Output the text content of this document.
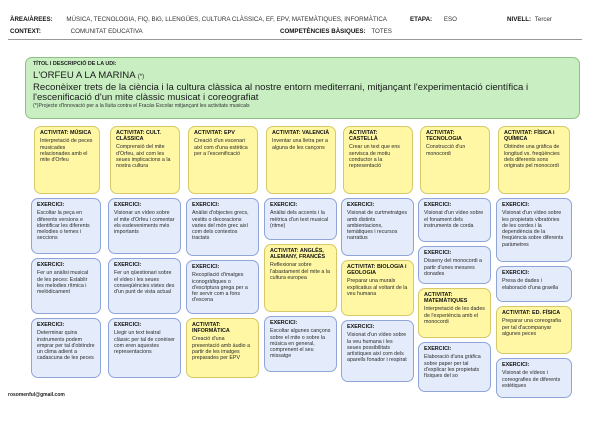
ÀREA/ÀREES: MÚSICA, TECNOLOGIA, FIQ, BiG, LLENGÜES, CULTURA CLÀSSICA, EF, EPV, MATEMÀTIQUES, INFORMÀTICA	ETAPA: ESO	NIVELL: Tercer
CONTEXT:	COMUNITAT EDUCATIVA	COMPETÈNCIES BÀSIQUES: TOTES
TÍTOL I DESCRIPCIÓ DE LA UDI:
L'ORFEU A LA MARINA (*)
Reconèixer trets de la ciència i la cultura clàssica al nostre entorn mediterrani, mitjançant l'experimentació científica i l'escenificació d'un mite clàssic musicat i coreografiat
(*)Projecte d'Innovació per a la lluita contra el Fracàs Escolar mitjançant les activitats musicals
ACTIVITAT: MÚSICA
Interpretació de peces musicades relacionades amb el mite d'Orfeu
EXERCICI:
Escoltar la peça en diferents versions e identificar les diferents melodies o temes i seccions
EXERCICI:
Fer un anàlisi musical de les peces: Establir les melodies rítmica i melòdicament
EXERCICI:
Determinar quins instruments podem emprar per tal d'obtindre un clima adient a cadascuna de les peces
ACTIVITAT: CULT. CLÀSSICA
Comprensió del mite d'Orfeu, així com les seues implicacions a la nostra cultura
EXERCICI:
Visionar un vídeo sobre el mite d'Orfeu i comentar els esdeveniments més importants
EXERCICI:
Fer un qüestionari sobre el vídeo i les seues conseqüències vistes des d'un punt de vista actual
EXERCICI:
Llegir un text teatral clàssic per tal de conèixer com eren aquestes representacions
ACTIVITAT: EPV
Creació d'un escenari així com d'una estètica per a l'escenificació
EXERCICI:
Anàlisi d'objectes grecs, vestits o decoracions varies del món grec així com dels contextos tractats
EXERCICI:
Recopilació d'imatges iconogràfiques o d'escriptura grega per a fer servir com a fons d'escena
ACTIVITAT: INFORMÀTICA
Creació d'una presentació amb àudio a partir de les imatges preparades per EPV
ACTIVITAT: VALENCIÀ
Inventar una lletra per a alguna de les cançons
EXERCICI:
Anàlisi dels accents i la mètrica d'un text musical (ritme)
ACTIVITAT: ANGLÈS, ALEMANY, FRANCÈS
Reflexionar sobre l'abastament del mite a la cultura europea
EXERCICI:
Escoltar algunes cançons sobre el mite o sobre la música en general, comprenent el seu missatge
ACTIVITAT: CASTELLÀ
Crear un text que ens servisca de motiu conductor a la representació
EXERCICI:
Visionat de curtmetratges amb distints ambientacions, temàtiques i recursos narratius
ACTIVITAT: BIOLOGIA i GEOLOGIA
Preparar una murals explicatius al voltant de la veu humana
EXERCICI:
Visionat d'un vídeo sobre la veu humana i les seues possibilitats artístiques així com dels aparells fonador i respirat
ACTIVITAT: TECNOLOGIA
Construcció d'un monocordi
EXERCICI:
Visionat d'un vídeo sobre el fonament dels instruments de corda
EXERCICI:
Disseny del monocordi a partir d'unes mesures donades
ACTIVITAT: MATEMÀTIQUES
Interpretació de les dades de l'experiència amb el monocordi
EXERCICI:
Elaboració d'una gràfica sobre paper per tal d'explicar les propietats físiques del so
ACTIVITAT: FÍSICA i QUÍMICA
Obtindre una gràfica de longitud vs. freqüències dels diferents sons originats pel monocordi
EXERCICI:
Visionat d'un vídeo sobre les propietats vibratòries de les cordes i la dependència de la freqüència sobre diferents paràmetres
EXERCICI:
Presa de dades i elaboració d'una graella
ACTIVITAT: ED. FÍSICA
Preparar una coreografia per tal d'acompanyar algunes peces
EXERCICI:
Visionat de vídeos i coreografies de diferents estètiques
rosomenful@gmail.com
